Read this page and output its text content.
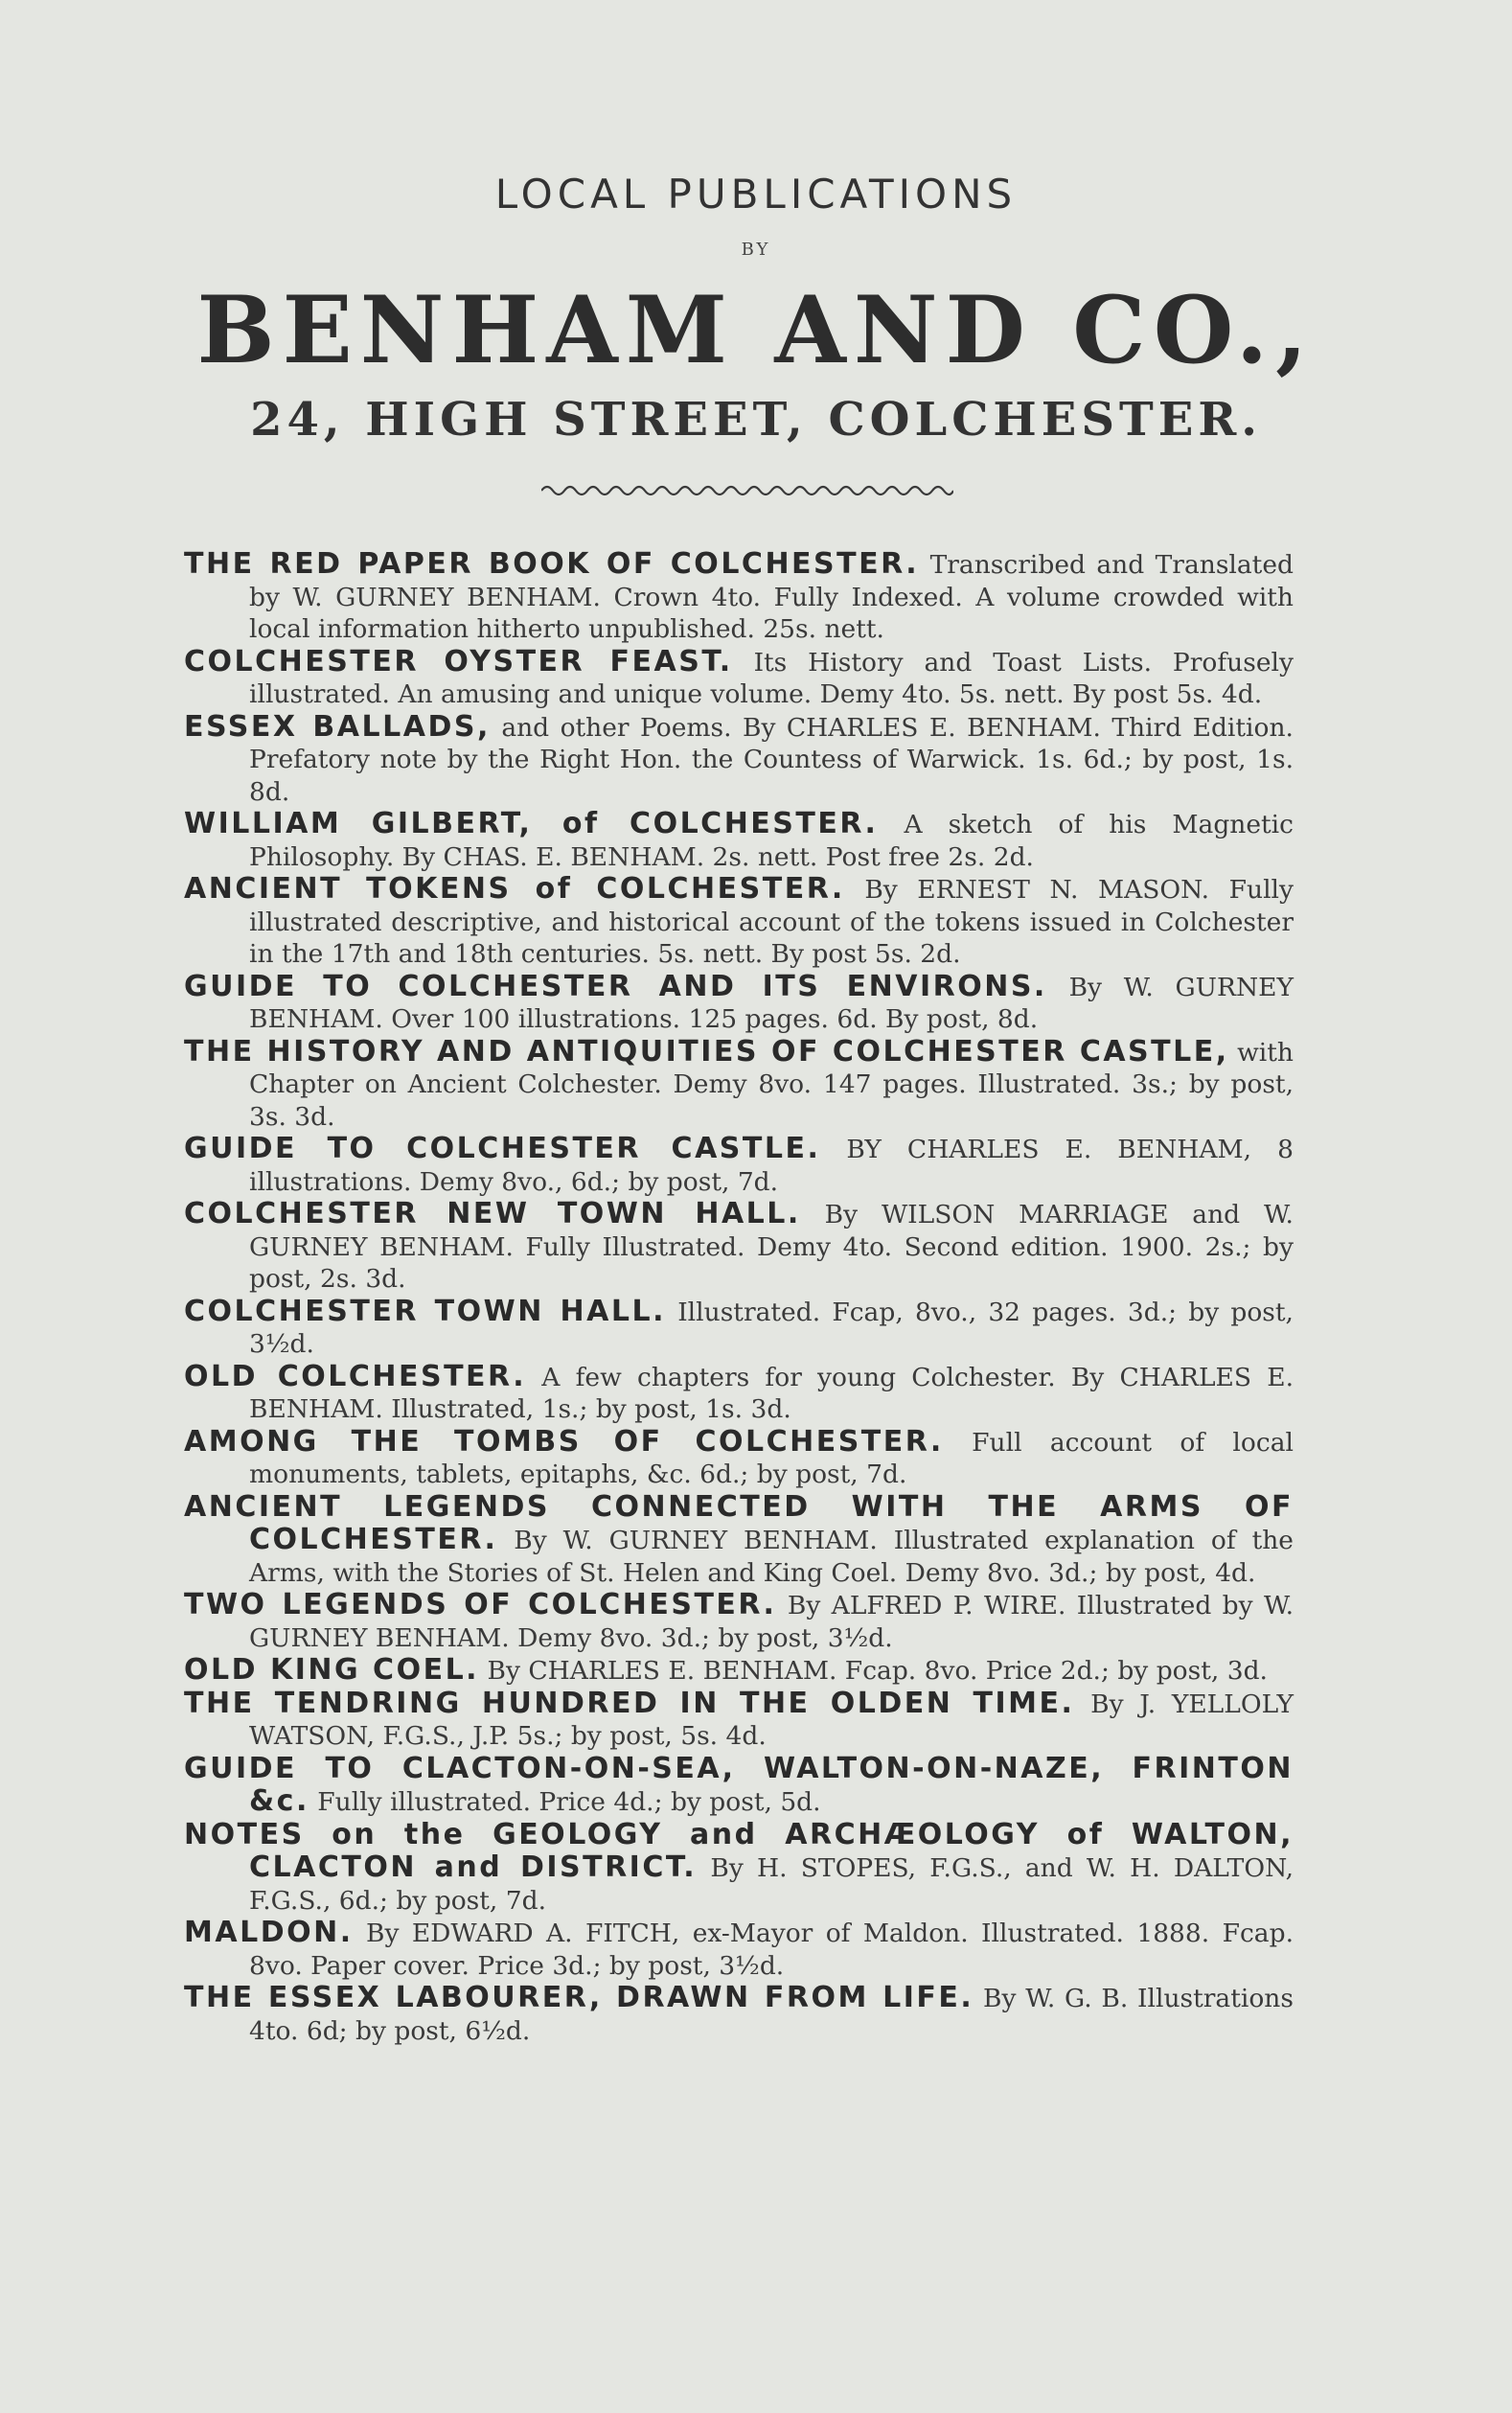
LOCAL PUBLICATIONS
BY
BENHAM AND CO.,
24, HIGH STREET, COLCHESTER.
THE RED PAPER BOOK OF COLCHESTER. Transcribed and Translated by W. GURNEY BENHAM. Crown 4to. Fully Indexed. A volume crowded with local information hitherto unpublished. 25s. nett.
COLCHESTER OYSTER FEAST. Its History and Toast Lists. Profusely illustrated. An amusing and unique volume. Demy 4to. 5s. nett. By post 5s. 4d.
ESSEX BALLADS, and other Poems. By CHARLES E. BENHAM. Third Edition. Prefatory note by the Right Hon. the Countess of Warwick. 1s. 6d.; by post, 1s. 8d.
WILLIAM GILBERT, of COLCHESTER. A sketch of his Magnetic Philosophy. By CHAS. E. BENHAM. 2s. nett. Post free 2s. 2d.
ANCIENT TOKENS of COLCHESTER. By ERNEST N. MASON. Fully illustrated descriptive, and historical account of the tokens issued in Colchester in the 17th and 18th centuries. 5s. nett. By post 5s. 2d.
GUIDE TO COLCHESTER AND ITS ENVIRONS. By W. GURNEY BENHAM. Over 100 illustrations. 125 pages. 6d. By post, 8d.
THE HISTORY AND ANTIQUITIES OF COLCHESTER CASTLE, with Chapter on Ancient Colchester. Demy 8vo. 147 pages. Illustrated. 3s.; by post, 3s. 3d.
GUIDE TO COLCHESTER CASTLE. BY CHARLES E. BENHAM, 8 illustrations. Demy 8vo., 6d.; by post, 7d.
COLCHESTER NEW TOWN HALL. By WILSON MARRIAGE and W. GURNEY BENHAM. Fully Illustrated. Demy 4to. Second edition. 1900. 2s.; by post, 2s. 3d.
COLCHESTER TOWN HALL. Illustrated. Fcap, 8vo., 32 pages. 3d.; by post, 3½d.
OLD COLCHESTER. A few chapters for young Colchester. By CHARLES E. BENHAM. Illustrated, 1s.; by post, 1s. 3d.
AMONG THE TOMBS OF COLCHESTER. Full account of local monuments, tablets, epitaphs, &c. 6d.; by post, 7d.
ANCIENT LEGENDS CONNECTED WITH THE ARMS OF COLCHESTER. By W. GURNEY BENHAM. Illustrated explanation of the Arms, with the Stories of St. Helen and King Coel. Demy 8vo. 3d.; by post, 4d.
TWO LEGENDS OF COLCHESTER. By ALFRED P. WIRE. Illustrated by W. GURNEY BENHAM. Demy 8vo. 3d.; by post, 3½d.
OLD KING COEL. By CHARLES E. BENHAM. Fcap. 8vo. Price 2d.; by post, 3d.
THE TENDRING HUNDRED IN THE OLDEN TIME. By J. YELLOLY WATSON, F.G.S., J.P. 5s.; by post, 5s. 4d.
GUIDE TO CLACTON-ON-SEA, WALTON-ON-NAZE, FRINTON &c. Fully illustrated. Price 4d.; by post, 5d.
NOTES on the GEOLOGY and ARCHÆOLOGY of WALTON, CLACTON and DISTRICT. By H. STOPES, F.G.S., and W. H. DALTON, F.G.S., 6d.; by post, 7d.
MALDON. By EDWARD A. FITCH, ex-Mayor of Maldon. Illustrated. 1888. Fcap. 8vo. Paper cover. Price 3d.; by post, 3½d.
THE ESSEX LABOURER, DRAWN FROM LIFE. By W. G. B. Illustrations 4to. 6d; by post, 6½d.
